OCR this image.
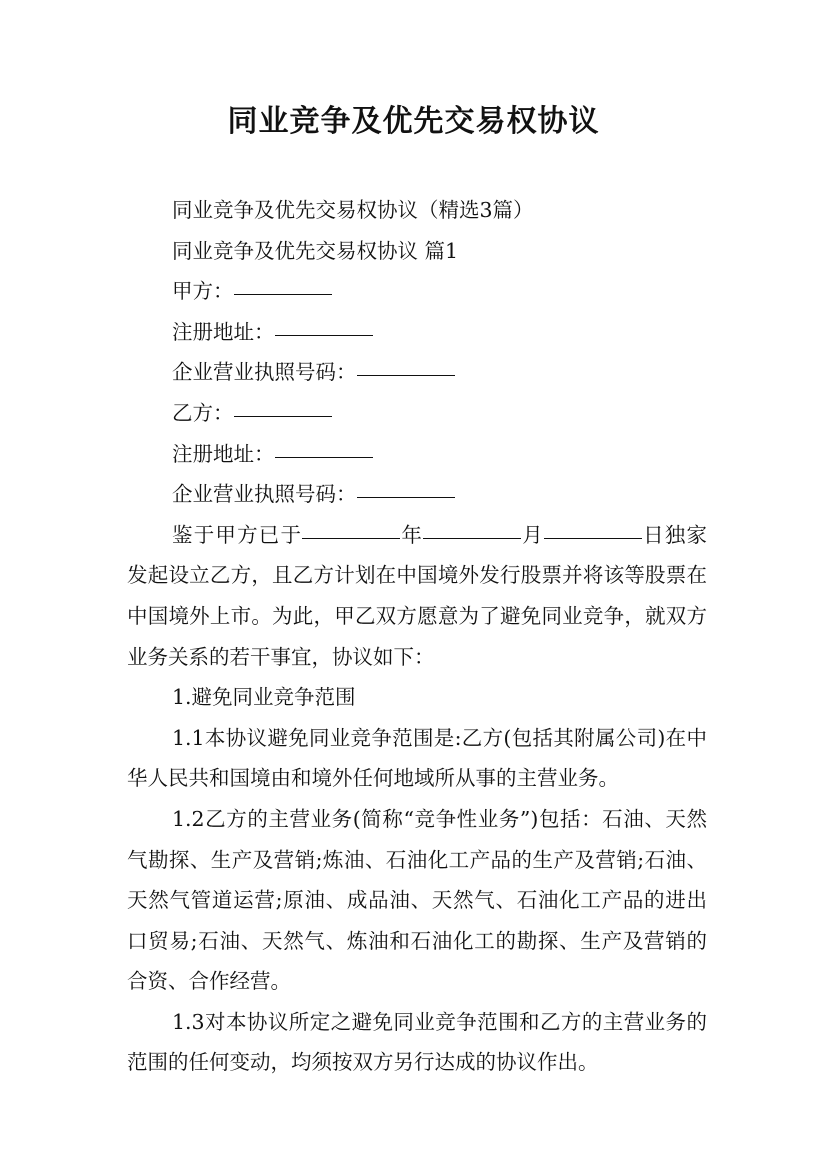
同业竞争及优先交易权协议

同业竞争及优先交易权协议（精选3篇）

同业竞争及优先交易权协议 篇1

甲方：

注册地址：

企业营业执照号码：

乙方：

注册地址：

企业营业执照号码：

鉴于甲方已于	年	月	日独家发起设立乙方，且乙方计划在中国境外发行股票并将该等股票在中国境外上市。为此，甲乙双方愿意为了避免同业竞争，就双方业务关系的若干事宜，协议如下：

1.避免同业竞争范围

1.1本协议避免同业竞争范围是:乙方(包括其附属公司)在中华人民共和国境由和境外任何地域所从事的主营业务。

1.2乙方的主营业务(简称“竞争性业务”)包括：石油、天然气勘探、生产及营销;炼油、石油化工产品的生产及营销;石油、天然气管道运营;原油、成品油、天然气、石油化工产品的进出口贸易;石油、天然气、炼油和石油化工的勘探、生产及营销的合资、合作经营。

1.3对本协议所定之避免同业竞争范围和乙方的主营业务的范围的任何变动，均须按双方另行达成的协议作出。
